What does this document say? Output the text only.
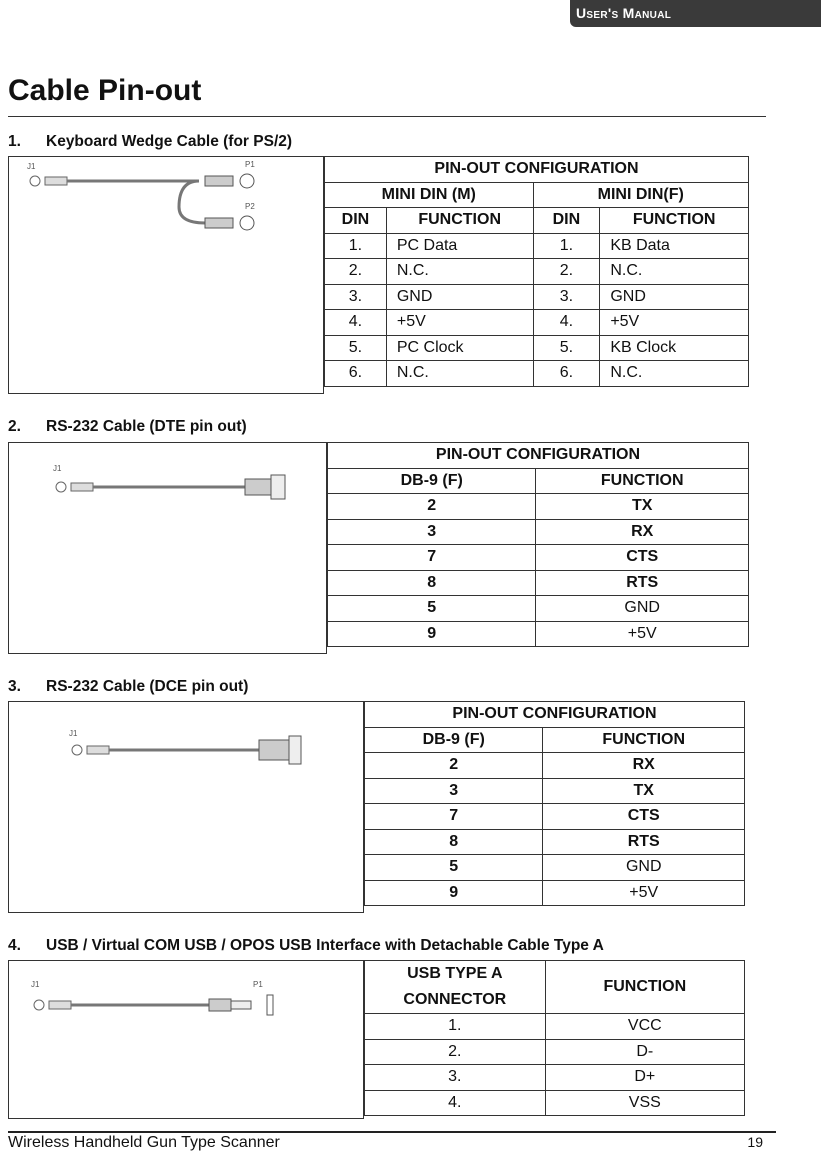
User's Manual
Cable Pin-out
1. Keyboard Wedge Cable (for PS/2)
J1	P1
P2
PIN-OUT CONFIGURATION			
MINI DIN (M)		MINI DIN(F)	
DIN	FUNCTION	DIN	FUNCTION
1.	PC Data	1.	KB Data
2.	N.C.	2.	N.C.
3.	GND	3.	GND
4.	+5V	4.	+5V
5.	PC Clock	5.	KB Clock
6.	N.C.	6.	N.C.
2. RS-232 Cable (DTE pin out)
J1
PIN-OUT CONFIGURATION	
DB-9 (F)	FUNCTION
2	TX
3	RX
7	CTS
8	RTS
5	GND
9	+5V
3. RS-232 Cable (DCE pin out)
J1
PIN-OUT CONFIGURATION	
DB-9 (F)	FUNCTION
2	RX
3	TX
7	CTS
8	RTS
5	GND
9	+5V
4. USB / Virtual COM USB / OPOS USB Interface with Detachable Cable Type A
J1	P1
USB TYPE A
CONNECTOR	FUNCTION
1.	VCC
2.	D-
3.	D+
4.	VSS
Wireless Handheld Gun Type Scanner	19
